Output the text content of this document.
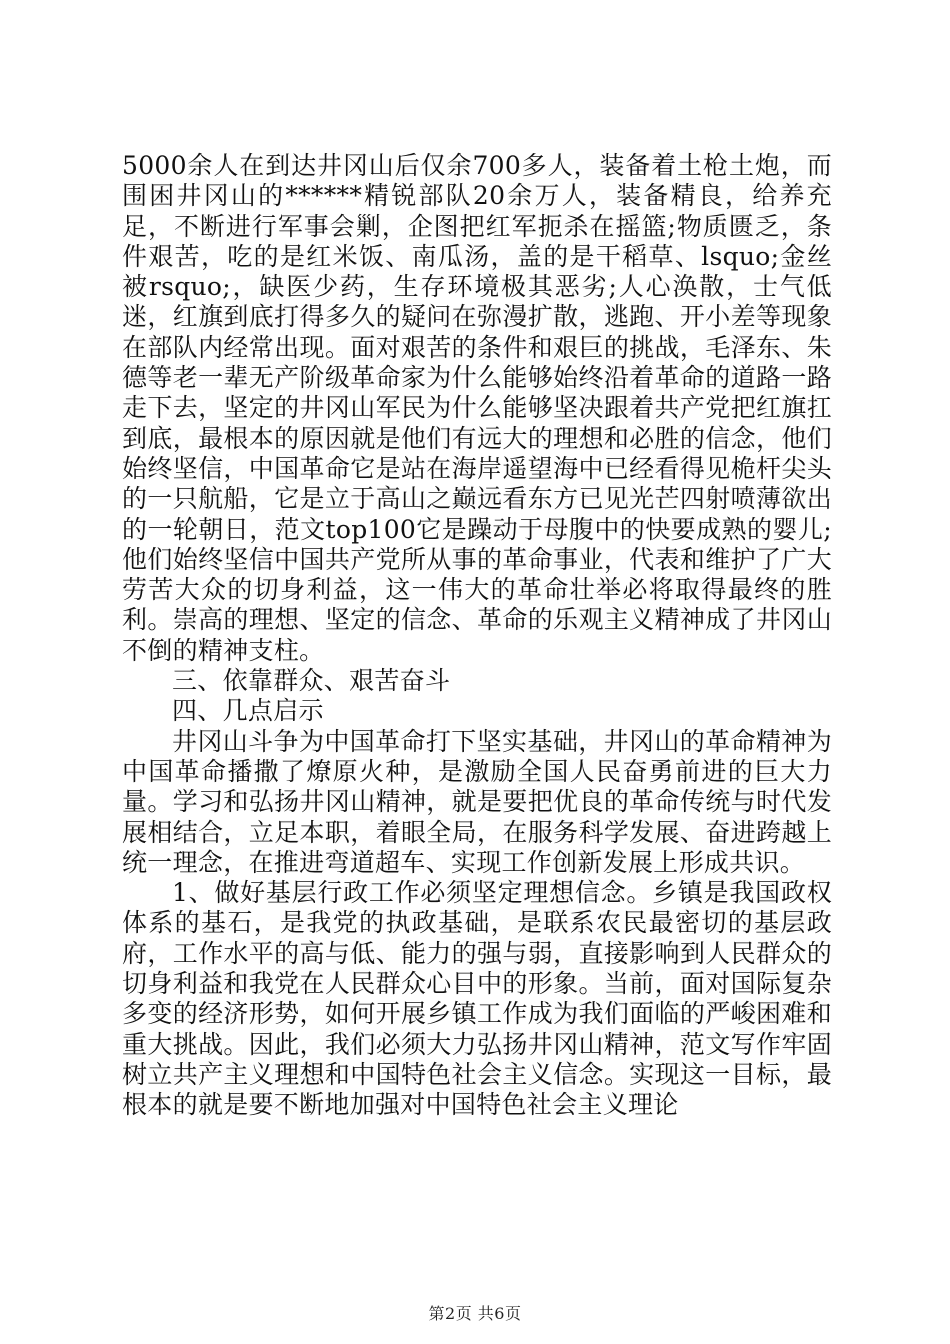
5000余人在到达井冈山后仅余700多人，装备着土枪土炮，而围困井冈山的******精锐部队20余万人，装备精良，给养充足，不断进行军事会剿，企图把红军扼杀在摇篮;物质匮乏，条件艰苦，吃的是红米饭、南瓜汤，盖的是干稻草、lsquo;金丝被rsquo;，缺医少药，生存环境极其恶劣;人心涣散，士气低迷，红旗到底打得多久的疑问在弥漫扩散，逃跑、开小差等现象在部队内经常出现。面对艰苦的条件和艰巨的挑战，毛泽东、朱德等老一辈无产阶级革命家为什么能够始终沿着革命的道路一路走下去，坚定的井冈山军民为什么能够坚决跟着共产党把红旗扛到底，最根本的原因就是他们有远大的理想和必胜的信念，他们始终坚信，中国革命它是站在海岸遥望海中已经看得见桅杆尖头的一只航船，它是立于高山之巅远看东方已见光芒四射喷薄欲出的一轮朝日，范文top100它是躁动于母腹中的快要成熟的婴儿;他们始终坚信中国共产党所从事的革命事业，代表和维护了广大劳苦大众的切身利益，这一伟大的革命壮举必将取得最终的胜利。崇高的理想、坚定的信念、革命的乐观主义精神成了井冈山不倒的精神支柱。

三、依靠群众、艰苦奋斗

四、几点启示

井冈山斗争为中国革命打下坚实基础，井冈山的革命精神为中国革命播撒了燎原火种，是激励全国人民奋勇前进的巨大力量。学习和弘扬井冈山精神，就是要把优良的革命传统与时代发展相结合，立足本职，着眼全局，在服务科学发展、奋进跨越上统一理念，在推进弯道超车、实现工作创新发展上形成共识。

1、做好基层行政工作必须坚定理想信念。乡镇是我国政权体系的基石，是我党的执政基础，是联系农民最密切的基层政府，工作水平的高与低、能力的强与弱，直接影响到人民群众的切身利益和我党在人民群众心目中的形象。当前，面对国际复杂多变的经济形势，如何开展乡镇工作成为我们面临的严峻困难和重大挑战。因此，我们必须大力弘扬井冈山精神，范文写作牢固树立共产主义理想和中国特色社会主义信念。实现这一目标，最根本的就是要不断地加强对中国特色社会主义理论

第2页 共6页
